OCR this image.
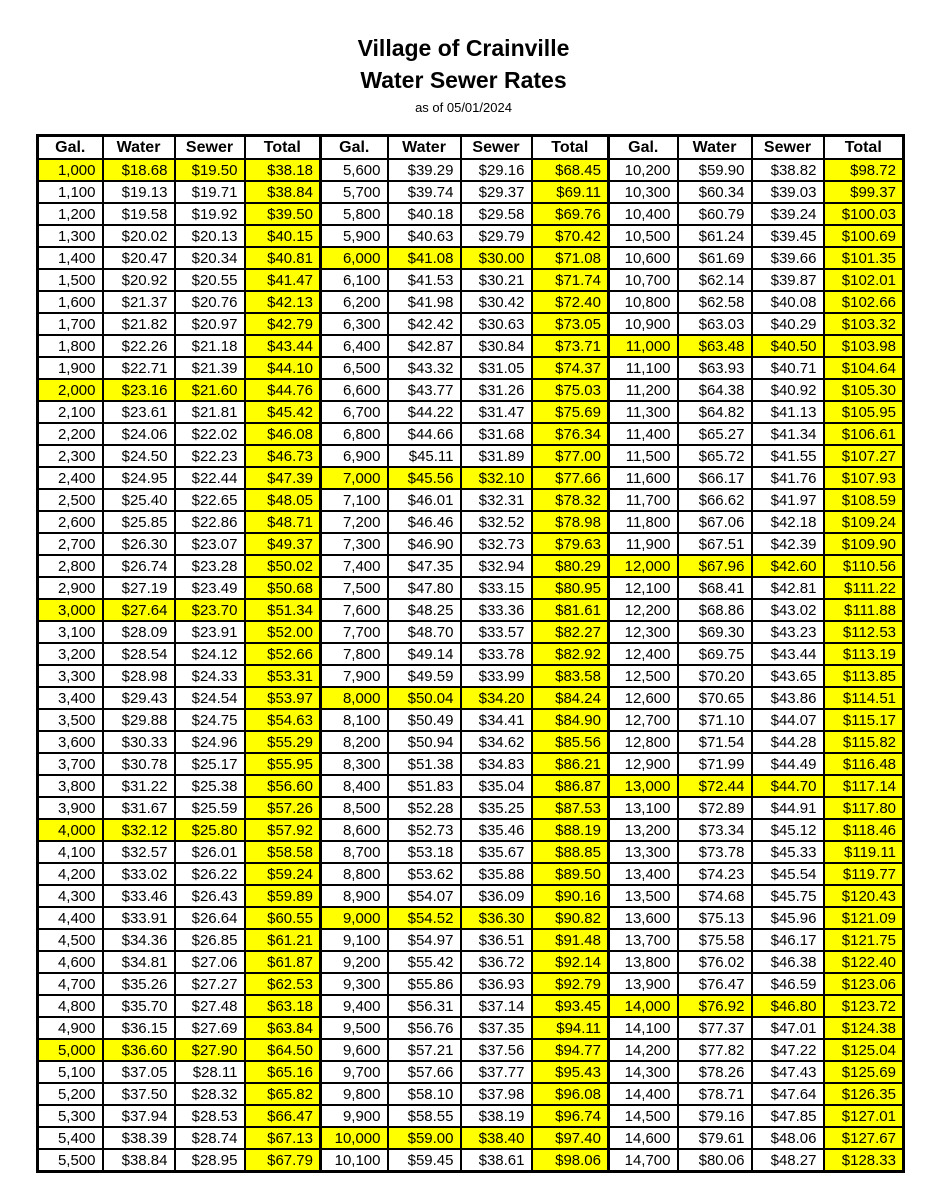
Village of Crainville
Water Sewer Rates
as of 05/01/2024
Gal.	Water	Sewer	Total	Gal.	Water	Sewer	Total	Gal.	Water	Sewer	Total
1,000	$18.68	$19.50	$38.18	5,600	$39.29	$29.16	$68.45	10,200	$59.90	$38.82	$98.72
1,100	$19.13	$19.71	$38.84	5,700	$39.74	$29.37	$69.11	10,300	$60.34	$39.03	$99.37
1,200	$19.58	$19.92	$39.50	5,800	$40.18	$29.58	$69.76	10,400	$60.79	$39.24	$100.03
1,300	$20.02	$20.13	$40.15	5,900	$40.63	$29.79	$70.42	10,500	$61.24	$39.45	$100.69
1,400	$20.47	$20.34	$40.81	6,000	$41.08	$30.00	$71.08	10,600	$61.69	$39.66	$101.35
1,500	$20.92	$20.55	$41.47	6,100	$41.53	$30.21	$71.74	10,700	$62.14	$39.87	$102.01
1,600	$21.37	$20.76	$42.13	6,200	$41.98	$30.42	$72.40	10,800	$62.58	$40.08	$102.66
1,700	$21.82	$20.97	$42.79	6,300	$42.42	$30.63	$73.05	10,900	$63.03	$40.29	$103.32
1,800	$22.26	$21.18	$43.44	6,400	$42.87	$30.84	$73.71	11,000	$63.48	$40.50	$103.98
1,900	$22.71	$21.39	$44.10	6,500	$43.32	$31.05	$74.37	11,100	$63.93	$40.71	$104.64
2,000	$23.16	$21.60	$44.76	6,600	$43.77	$31.26	$75.03	11,200	$64.38	$40.92	$105.30
2,100	$23.61	$21.81	$45.42	6,700	$44.22	$31.47	$75.69	11,300	$64.82	$41.13	$105.95
2,200	$24.06	$22.02	$46.08	6,800	$44.66	$31.68	$76.34	11,400	$65.27	$41.34	$106.61
2,300	$24.50	$22.23	$46.73	6,900	$45.11	$31.89	$77.00	11,500	$65.72	$41.55	$107.27
2,400	$24.95	$22.44	$47.39	7,000	$45.56	$32.10	$77.66	11,600	$66.17	$41.76	$107.93
2,500	$25.40	$22.65	$48.05	7,100	$46.01	$32.31	$78.32	11,700	$66.62	$41.97	$108.59
2,600	$25.85	$22.86	$48.71	7,200	$46.46	$32.52	$78.98	11,800	$67.06	$42.18	$109.24
2,700	$26.30	$23.07	$49.37	7,300	$46.90	$32.73	$79.63	11,900	$67.51	$42.39	$109.90
2,800	$26.74	$23.28	$50.02	7,400	$47.35	$32.94	$80.29	12,000	$67.96	$42.60	$110.56
2,900	$27.19	$23.49	$50.68	7,500	$47.80	$33.15	$80.95	12,100	$68.41	$42.81	$111.22
3,000	$27.64	$23.70	$51.34	7,600	$48.25	$33.36	$81.61	12,200	$68.86	$43.02	$111.88
3,100	$28.09	$23.91	$52.00	7,700	$48.70	$33.57	$82.27	12,300	$69.30	$43.23	$112.53
3,200	$28.54	$24.12	$52.66	7,800	$49.14	$33.78	$82.92	12,400	$69.75	$43.44	$113.19
3,300	$28.98	$24.33	$53.31	7,900	$49.59	$33.99	$83.58	12,500	$70.20	$43.65	$113.85
3,400	$29.43	$24.54	$53.97	8,000	$50.04	$34.20	$84.24	12,600	$70.65	$43.86	$114.51
3,500	$29.88	$24.75	$54.63	8,100	$50.49	$34.41	$84.90	12,700	$71.10	$44.07	$115.17
3,600	$30.33	$24.96	$55.29	8,200	$50.94	$34.62	$85.56	12,800	$71.54	$44.28	$115.82
3,700	$30.78	$25.17	$55.95	8,300	$51.38	$34.83	$86.21	12,900	$71.99	$44.49	$116.48
3,800	$31.22	$25.38	$56.60	8,400	$51.83	$35.04	$86.87	13,000	$72.44	$44.70	$117.14
3,900	$31.67	$25.59	$57.26	8,500	$52.28	$35.25	$87.53	13,100	$72.89	$44.91	$117.80
4,000	$32.12	$25.80	$57.92	8,600	$52.73	$35.46	$88.19	13,200	$73.34	$45.12	$118.46
4,100	$32.57	$26.01	$58.58	8,700	$53.18	$35.67	$88.85	13,300	$73.78	$45.33	$119.11
4,200	$33.02	$26.22	$59.24	8,800	$53.62	$35.88	$89.50	13,400	$74.23	$45.54	$119.77
4,300	$33.46	$26.43	$59.89	8,900	$54.07	$36.09	$90.16	13,500	$74.68	$45.75	$120.43
4,400	$33.91	$26.64	$60.55	9,000	$54.52	$36.30	$90.82	13,600	$75.13	$45.96	$121.09
4,500	$34.36	$26.85	$61.21	9,100	$54.97	$36.51	$91.48	13,700	$75.58	$46.17	$121.75
4,600	$34.81	$27.06	$61.87	9,200	$55.42	$36.72	$92.14	13,800	$76.02	$46.38	$122.40
4,700	$35.26	$27.27	$62.53	9,300	$55.86	$36.93	$92.79	13,900	$76.47	$46.59	$123.06
4,800	$35.70	$27.48	$63.18	9,400	$56.31	$37.14	$93.45	14,000	$76.92	$46.80	$123.72
4,900	$36.15	$27.69	$63.84	9,500	$56.76	$37.35	$94.11	14,100	$77.37	$47.01	$124.38
5,000	$36.60	$27.90	$64.50	9,600	$57.21	$37.56	$94.77	14,200	$77.82	$47.22	$125.04
5,100	$37.05	$28.11	$65.16	9,700	$57.66	$37.77	$95.43	14,300	$78.26	$47.43	$125.69
5,200	$37.50	$28.32	$65.82	9,800	$58.10	$37.98	$96.08	14,400	$78.71	$47.64	$126.35
5,300	$37.94	$28.53	$66.47	9,900	$58.55	$38.19	$96.74	14,500	$79.16	$47.85	$127.01
5,400	$38.39	$28.74	$67.13	10,000	$59.00	$38.40	$97.40	14,600	$79.61	$48.06	$127.67
5,500	$38.84	$28.95	$67.79	10,100	$59.45	$38.61	$98.06	14,700	$80.06	$48.27	$128.33
